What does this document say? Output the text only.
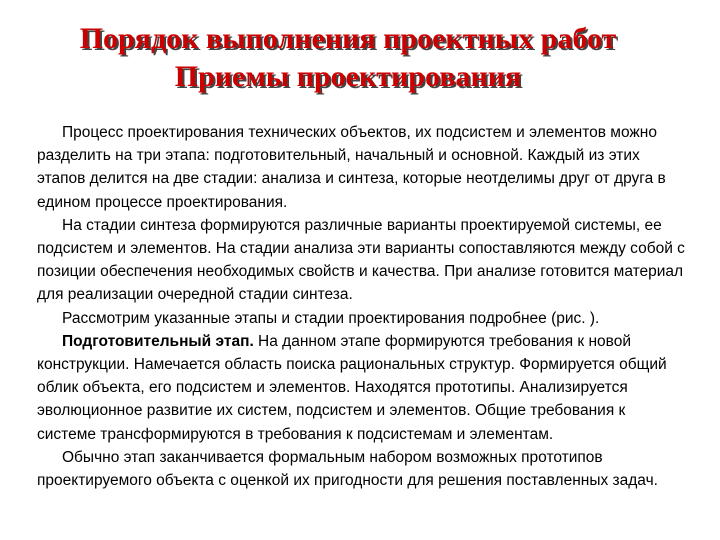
Порядок выполнения проектных работ
Приемы проектирования

Процесс проектирования технических объектов, их подсистем и элементов можно разделить на три этапа: подготовительный, начальный и основной. Каждый из этих этапов делится на две стадии: анализа и синтеза, которые неотделимы друг от друга в едином процессе проектирования.

На стадии синтеза формируются различные варианты проектируемой системы, ее подсистем и элементов. На стадии анализа эти варианты сопоставляются между собой с позиции обеспечения необходимых свойств и качества. При анализе готовится материал для реализации очередной стадии синтеза.

Рассмотрим указанные этапы и стадии проектирования подробнее (рис. ).

Подготовительный этап. На данном этапе формируются требования к новой конструкции. Намечается область поиска рациональных структур. Формируется общий облик объекта, его подсистем и элементов. Находятся прототипы. Анализируется эволюционное развитие их систем, подсистем и элементов. Общие требования к системе трансформируются в требования к подсистемам и элементам.

Обычно этап заканчивается формальным набором возможных прототипов проектируемого объекта с оценкой их пригодности для решения поставленных задач.
